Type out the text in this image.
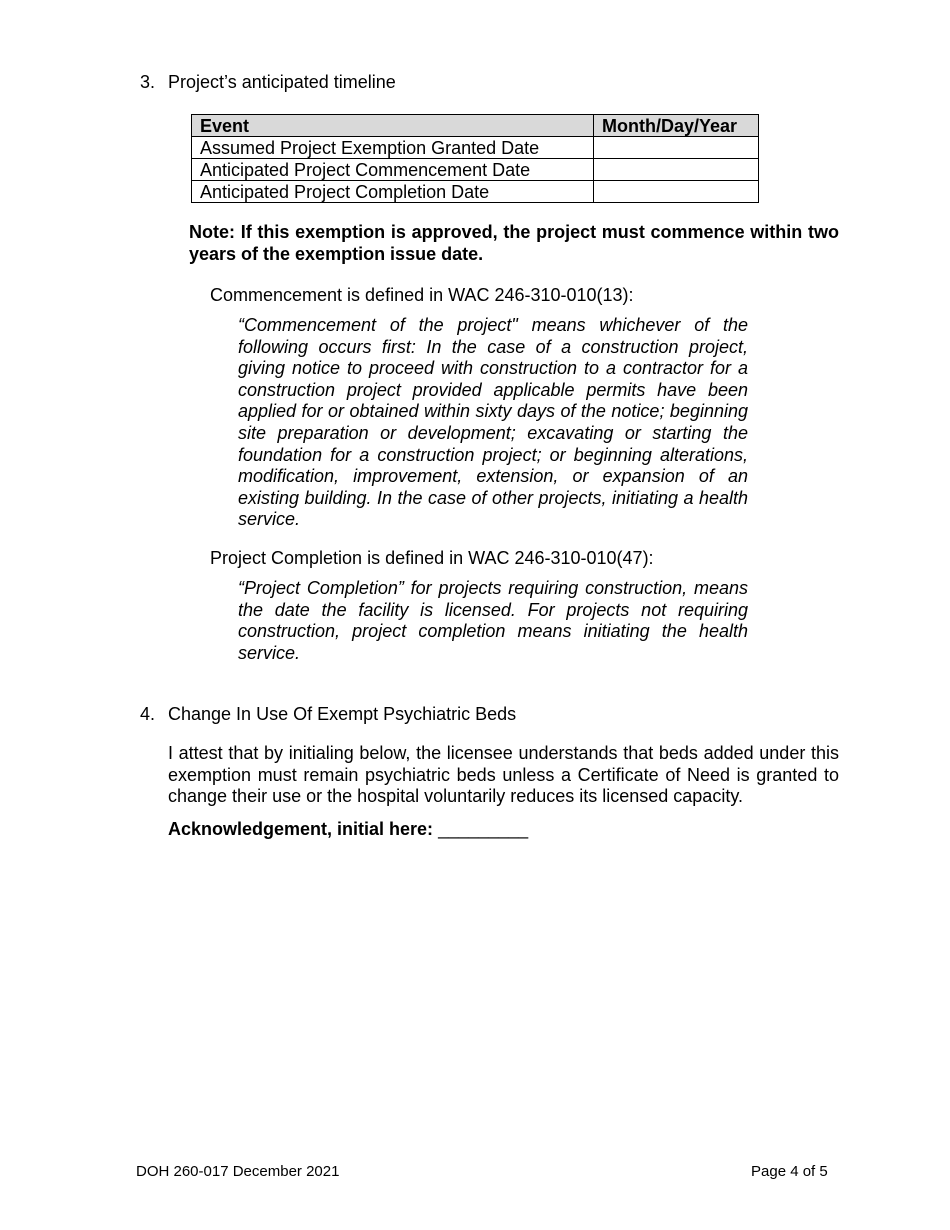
3. Project’s anticipated timeline
Event	Month/Day/Year
Assumed Project Exemption Granted Date	
Anticipated Project Commencement Date	
Anticipated Project Completion Date	
Note: If this exemption is approved, the project must commence within two years of the exemption issue date.
Commencement is defined in WAC 246-310-010(13):
“Commencement of the project" means whichever of the following occurs first: In the case of a construction project, giving notice to proceed with construction to a contractor for a construction project provided applicable permits have been applied for or obtained within sixty days of the notice; beginning site preparation or development; excavating or starting the foundation for a construction project; or beginning alterations, modification, improvement, extension, or expansion of an existing building. In the case of other projects, initiating a health service.
Project Completion is defined in WAC 246-310-010(47):
“Project Completion” for projects requiring construction, means the date the facility is licensed. For projects not requiring construction, project completion means initiating the health service.
4. Change In Use Of Exempt Psychiatric Beds
I attest that by initialing below, the licensee understands that beds added under this exemption must remain psychiatric beds unless a Certificate of Need is granted to change their use or the hospital voluntarily reduces its licensed capacity.
Acknowledgement, initial here: _________
DOH 260-017 December 2021	Page 4 of 5
